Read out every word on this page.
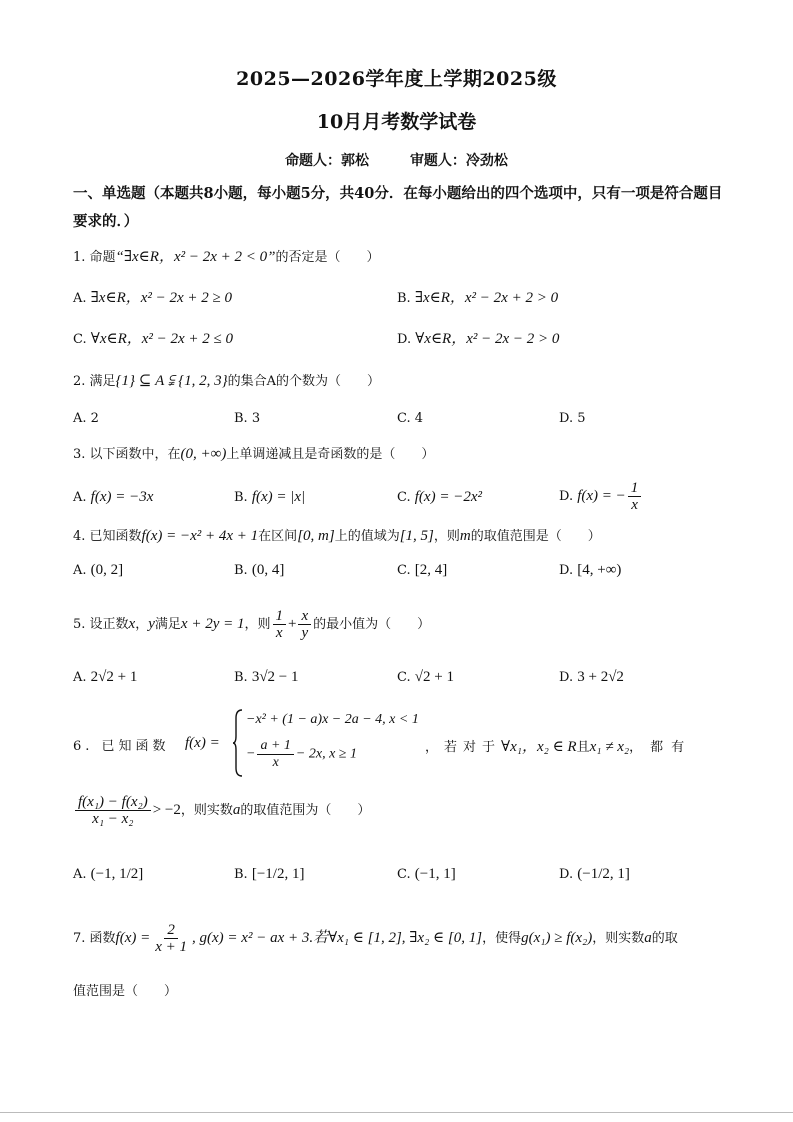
2025—2026学年度上学期2025级
10月月考数学试卷
命题人：郭松	审题人：冷劲松
一、单选题（本题共8小题，每小题5分，共40分．在每小题给出的四个选项中，只有一项是符合题目要求的．）
1. 命题“∃x∈R，x² − 2x + 2 < 0”的否定是（　　）
A. ∃x∈R，x² − 2x + 2 ≥ 0	B. ∃x∈R，x² − 2x + 2 > 0
C. ∀x∈R，x² − 2x + 2 ≤ 0	D. ∀x∈R，x² − 2x − 2 > 0
2. 满足{1} ⊆ A ⫋ {1, 2, 3}的集合A的个数为（　　）
A. 2	B. 3	C. 4	D. 5
3. 以下函数中，在(0, +∞)上单调递减且是奇函数的是（　　）
A. f(x) = −3x	B. f(x) = |x|	C. f(x) = −2x²	D. f(x) = − $\frac{1}{x}$
4. 已知函数f(x) = −x² + 4x + 1在区间[0, m]上的值域为[1, 5]，则m的取值范围是（　　）
A. (0, 2]	B. (0, 4]	C. [2, 4]	D. [4, +∞)
5. 设正数x，y满足x + 2y = 1，则 $\frac{1}{x} + \frac{x}{y}$ 的最小值为（　　）
A. 2√2 + 1	B. 3√2 − 1	C. √2 + 1	D. 3 + 2√2
6. 已知函数 f(x) =
−x² + (1 − a)x − 2a − 4, x < 1
− $\frac{a + 1}{x} - 2x$, x ≥ 1	，若对于∀x₁，x₂ ∈ R且x₁ ≠ x₂，都有
$\frac{\text{f(x₁) − f(x₂)}}{\text{x₁ − x₂}} > -2$，则实数a的取值范围为（　　）
A. (−1, 1/2]	B. [−1/2, 1]	C. (−1, 1]	D. (−1/2, 1]
7. 函数$f(x) = \frac{2}{x + 1}$ , g(x) = x² − ax + 3.若∀x₁ ∈ [1, 2], ∃x₂ ∈ [0, 1]，使得g(x₁) ≥ f(x₂)，则实数a的取
值范围是（　　）
